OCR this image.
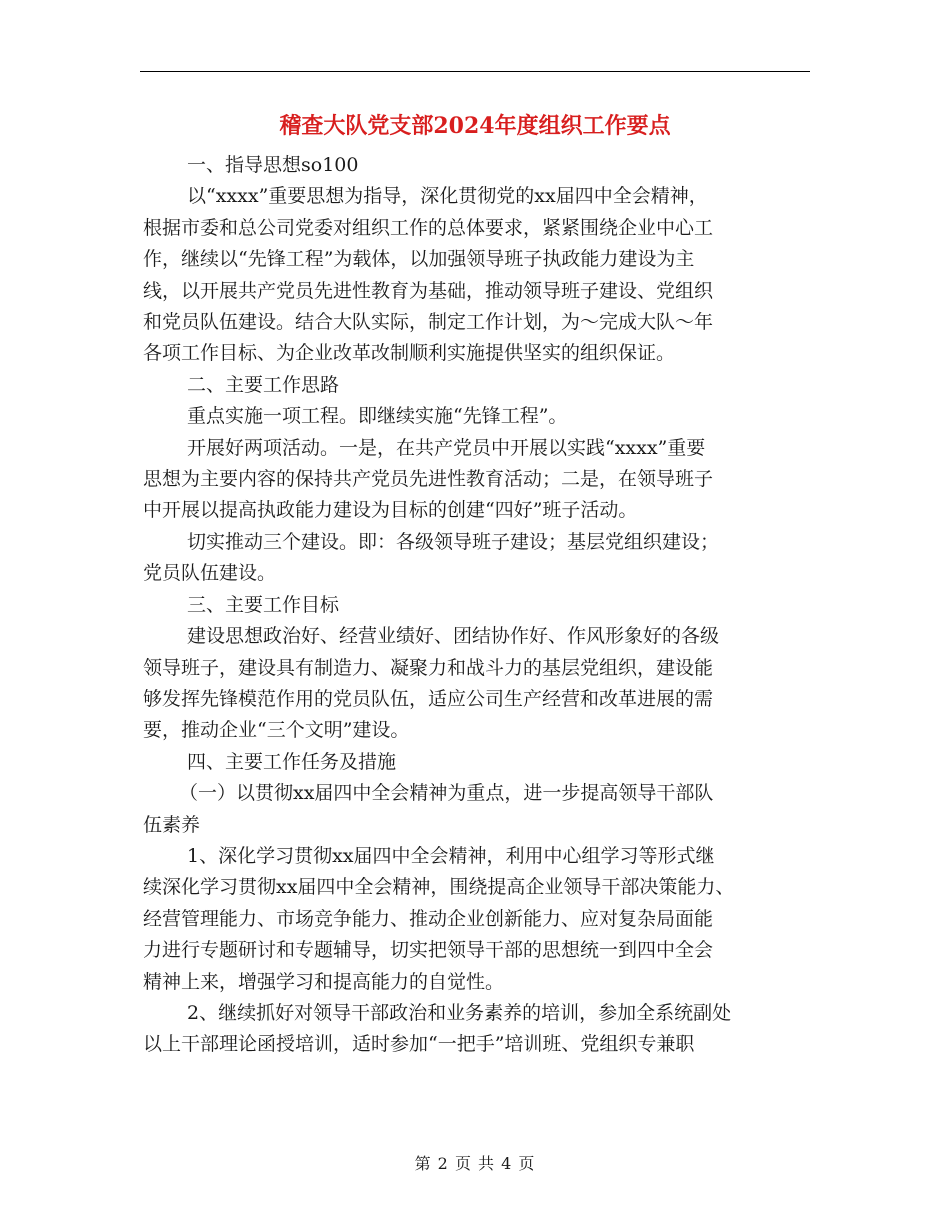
稽查大队党支部2024年度组织工作要点

一、指导思想so100

以“xxxx”重要思想为指导，深化贯彻党的xx届四中全会精神，

根据市委和总公司党委对组织工作的总体要求，紧紧围绕企业中心工

作，继续以“先锋工程”为载体，以加强领导班子执政能力建设为主

线，以开展共产党员先进性教育为基础，推动领导班子建设、党组织

和党员队伍建设。结合大队实际，制定工作计划，为～完成大队～年

各项工作目标、为企业改革改制顺利实施提供坚实的组织保证。

二、主要工作思路

重点实施一项工程。即继续实施“先锋工程”。

开展好两项活动。一是，在共产党员中开展以实践“xxxx”重要

思想为主要内容的保持共产党员先进性教育活动；二是，在领导班子

中开展以提高执政能力建设为目标的创建“四好”班子活动。

切实推动三个建设。即：各级领导班子建设；基层党组织建设；

党员队伍建设。

三、主要工作目标

建设思想政治好、经营业绩好、团结协作好、作风形象好的各级

领导班子，建设具有制造力、凝聚力和战斗力的基层党组织，建设能

够发挥先锋模范作用的党员队伍，适应公司生产经营和改革进展的需

要，推动企业“三个文明”建设。

四、主要工作任务及措施

（一）以贯彻xx届四中全会精神为重点，进一步提高领导干部队

伍素养

1、深化学习贯彻xx届四中全会精神，利用中心组学习等形式继

续深化学习贯彻xx届四中全会精神，围绕提高企业领导干部决策能力、

经营管理能力、市场竞争能力、推动企业创新能力、应对复杂局面能

力进行专题研讨和专题辅导，切实把领导干部的思想统一到四中全会

精神上来，增强学习和提高能力的自觉性。

2、继续抓好对领导干部政治和业务素养的培训，参加全系统副处

以上干部理论函授培训，适时参加“一把手”培训班、党组织专兼职

第 2 页 共 4 页
